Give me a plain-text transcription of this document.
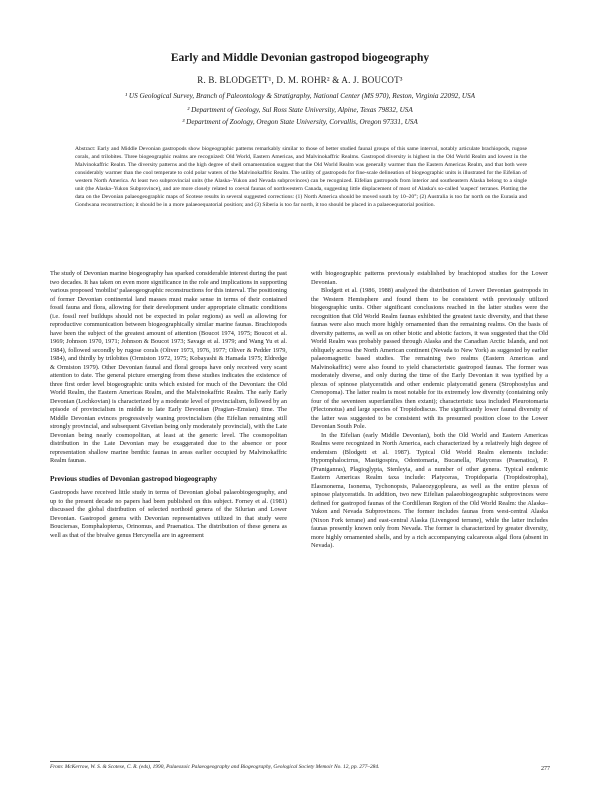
Early and Middle Devonian gastropod biogeography
R. B. BLODGETT¹, D. M. ROHR² & A. J. BOUCOT³
¹ US Geological Survey, Branch of Paleontology & Stratigraphy, National Center (MS 970), Reston, Virginia 22092, USA
² Department of Geology, Sul Ross State University, Alpine, Texas 79832, USA
³ Department of Zoology, Oregon State University, Corvallis, Oregon 97331, USA
Abstract: Early and Middle Devonian gastropods show biogeographic patterns remarkably similar to those of better studied faunal groups of this same interval, notably articulate brachiopods, rugose corals, and trilobites. Three biogeographic realms are recognized: Old World, Eastern Americas, and Malvinokaffric Realms. Gastropod diversity is highest in the Old World Realm and lowest in the Malvinokaffric Realm. The diversity patterns and the high degree of shell ornamentation suggest that the Old World Realm was generally warmer than the Eastern Americas Realm, and that both were considerably warmer than the cool temperate to cold polar waters of the Malvinokaffric Realm. The utility of gastropods for fine-scale delineation of biogeographic units is illustrated for the Eifelian of western North America. At least two subprovincial units (the Alaska–Yukon and Nevada subprovinces) can be recognized. Eifelian gastropods from interior and southeastern Alaska belong to a single unit (the Alaska–Yukon Subprovince), and are more closely related to coeval faunas of northwestern Canada, suggesting little displacement of most of Alaska's so-called 'suspect' terranes. Plotting the data on the Devonian palaeogeographic maps of Scotese results in several suggested corrections: (1) North America should be moved south by 10–20°; (2) Australia is too far north on the Eurasia and Gondwana reconstruction; it should be in a more palaeoequatorial position; and (3) Siberia is too far north, it too should be placed in a palaeoequatorial position.

The study of Devonian marine biogeography has sparked considerable interest during the past two decades. It has taken on even more significance in the role and implications in supporting various proposed 'mobilist' palaeogeographic reconstructions for this interval. The positioning of former Devonian continental land masses must make sense in terms of their contained fossil fauna and flora, allowing for their development under appropriate climatic conditions (i.e. fossil reef buildups should not be expected in polar regions) as well as allowing for reproductive communication between biogeographically similar marine faunas. Brachiopods have been the subject of the greatest amount of attention (Boucot 1974, 1975; Boucot et al. 1969; Johnson 1970, 1971; Johnson & Boucot 1973; Savage et al. 1979; and Wang Yu et al. 1984), followed secondly by rugose corals (Oliver 1973, 1976, 1977; Oliver & Pedder 1979, 1984), and thirdly by trilobites (Ormiston 1972, 1975; Kobayashi & Hamada 1975; Eldredge & Ormiston 1979). Other Devonian faunal and floral groups have only received very scant attention to date. The general picture emerging from these studies indicates the existence of three first order level biogeographic units which existed for much of the Devonian: the Old World Realm, the Eastern Americas Realm, and the Malvinokaffric Realm. The early Early Devonian (Lochkovian) is characterized by a moderate level of provincialism, followed by an episode of provincialism in middle to late Early Devonian (Pragian–Emsian) time. The Middle Devonian evinces progressively waning provincialism (the Eifelian remaining still strongly provincial, and subsequent Givetian being only moderately provincial), with the Late Devonian being nearly cosmopolitan, at least at the generic level. The cosmopolitan distribution in the Late Devonian may be exaggerated due to the absence or poor representation shallow marine benthic faunas in areas earlier occupied by Malvinokaffric Realm faunas.

Previous studies of Devonian gastropod biogeography

Gastropods have received little study in terms of Devonian global palaeobiogeography, and up to the present decade no papers had been published on this subject. Forney et al. (1981) discussed the global distribution of selected northoid genera of the Silurian and Lower Devonian. Gastropod genera with Devonian representatives utilized in that study were Bouciersas, Eomphalopterus, Orinomus, and Praenatica. The distribution of these genera as well as that of the bivalve genus Hercynella are in agreement

with biogeographic patterns previously established by brachiopod studies for the Lower Devonian.

Blodgett et al. (1986, 1988) analyzed the distribution of Lower Devonian gastropods in the Western Hemisphere and found them to be consistent with previously utilized biogeographic units. Other significant conclusions reached in the latter studies were the recognition that Old World Realm faunas exhibited the greatest taxic diversity, and that these faunas were also much more highly ornamented than the remaining realms. On the basis of diversity patterns, as well as on other biotic and abiotic factors, it was suggested that the Old World Realm was probably passed through Alaska and the Canadian Arctic Islands, and not obliquely across the North American continent (Nevada to New York) as suggested by earlier palaeomagnetic based studies. The remaining two realms (Eastern Americas and Malvinokaffric) were also found to yield characteristic gastropod faunas. The former was moderately diverse, and only during the time of the Early Devonian it was typified by a plexus of spinose platyceratids and other endemic platyceratid genera (Strophostylus and Crenopoma). The latter realm is most notable for its extremely low diversity (containing only four of the seventeen superfamilies then extant); characteristic taxa included Pleurotomaria (Plectonotus) and large species of Tropidodiscus. The significantly lower faunal diversity of the latter was suggested to be consistent with its presumed position close to the Lower Devonian South Pole.

In the Eifelian (early Middle Devonian), both the Old World and Eastern Americas Realms were recognized in North America, each characterized by a relatively high degree of endemism (Blodgett et al. 1987). Typical Old World Realm elements include: Hypomphalocirrus, Mastigospira, Odontomaria, Bucanella, Platyceras (Praenatica), P. (Praniganras), Plagioglypta, Stenleyia, and a number of other genera. Typical endemic Eastern Americas Realm taxa include: Platyceras, Tropidoparia (Tropidostropha), Elasmonema, Isonema, Tychonopsis, Palaeozygopleura, as well as the entire plexus of spinose platyceratids. In addition, two new Eifelian palaeobiogeographic subprovinces were defined for gastropod faunas of the Cordilleran Region of the Old World Realm: the Alaska–Yukon and Nevada Subprovinces. The former includes faunas from west-central Alaska (Nixon Fork terrane) and east-central Alaska (Livengood terrane), while the latter includes faunas presently known only from Nevada. The former is characterized by greater diversity, more highly ornamented shells, and by a rich accompanying calcareous algal flora (absent in Nevada).

From: McKerrow, W. S. & Scotese, C. R. (eds), 1990, Palaeozoic Palaeogeography and Biogeography, Geological Society Memoir No. 12, pp. 277–284.	277
